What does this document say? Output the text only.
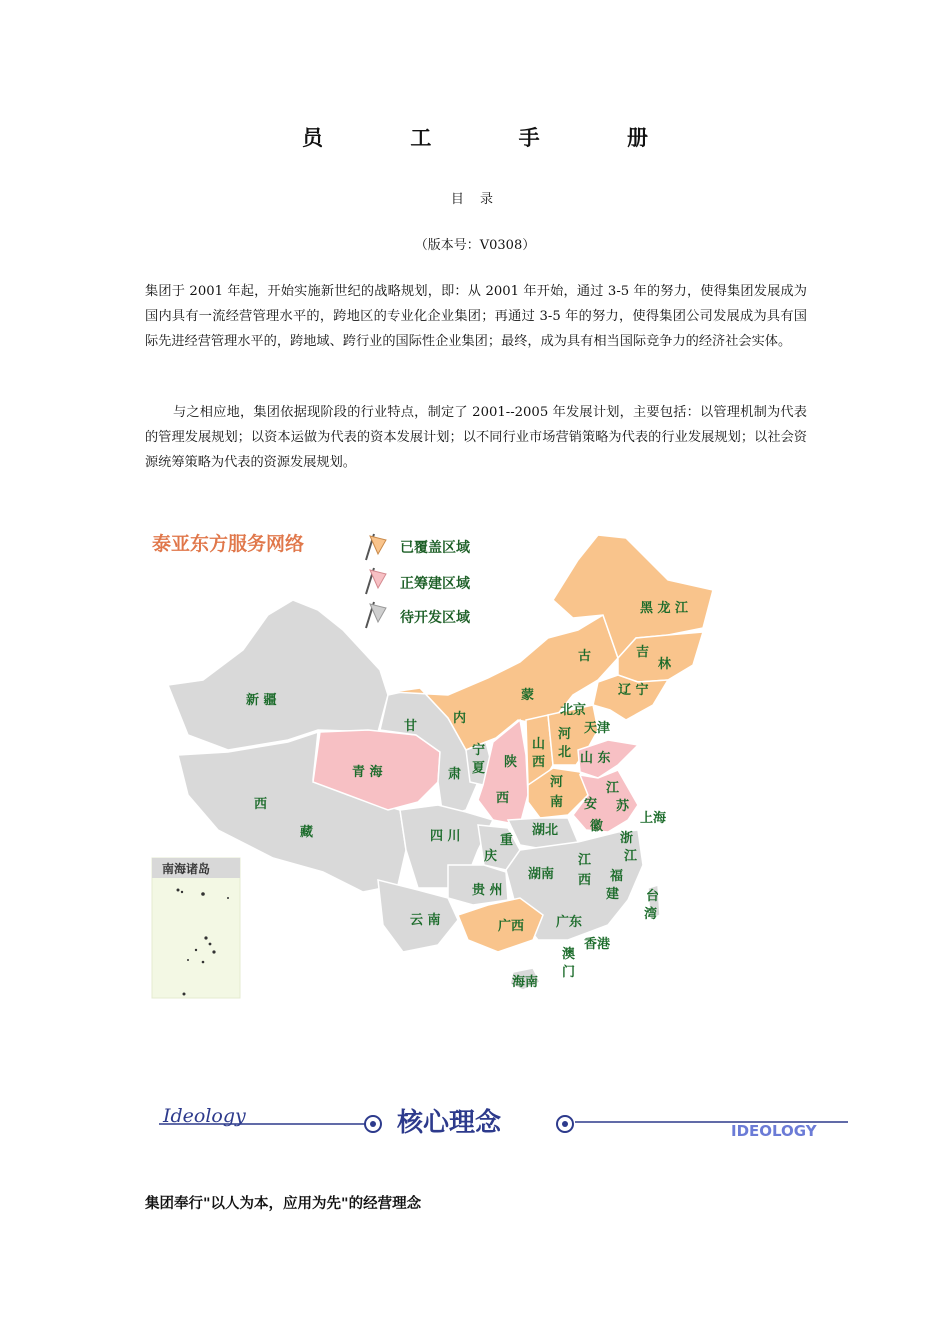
员 工 手 册
目 录
（版本号：V0308）
集团于 2001 年起，开始实施新世纪的战略规划，即：从 2001 年开始，通过 3-5 年的努力，使得集团发展成为国内具有一流经营管理水平的，跨地区的专业化企业集团；再通过 3-5 年的努力，使得集团公司发展成为具有国际先进经营管理水平的，跨地域、跨行业的国际性企业集团；最终，成为具有相当国际竞争力的经济社会实体。
与之相应地，集团依据现阶段的行业特点，制定了 2001--2005 年发展计划，主要包括：以管理机制为代表的管理发展规划；以资本运做为代表的资本发展计划；以不同行业市场营销策略为代表的行业发展规划；以社会资源统筹策略为代表的资源发展规划。
泰亚东方服务网络	已覆盖区域
正筹建区域
待开发区域
南海诸岛
黑 龙 江
古	吉
林
辽 宁
蒙
内
北京
天津
河
北 山 东
山
西
新 疆
甘
宁
夏
肃
青 海
陕
西
河
南
江
苏
安
徽
上海
西
藏	四 川	重
庆
湖北
浙
江
湖南
江
西 福
建
贵 州	台
湾
云 南	广西 广东
香港
澳
门
海南
Ideology	核心理念	IDEOLOGY
集团奉行"以人为本，应用为先"的经营理念
